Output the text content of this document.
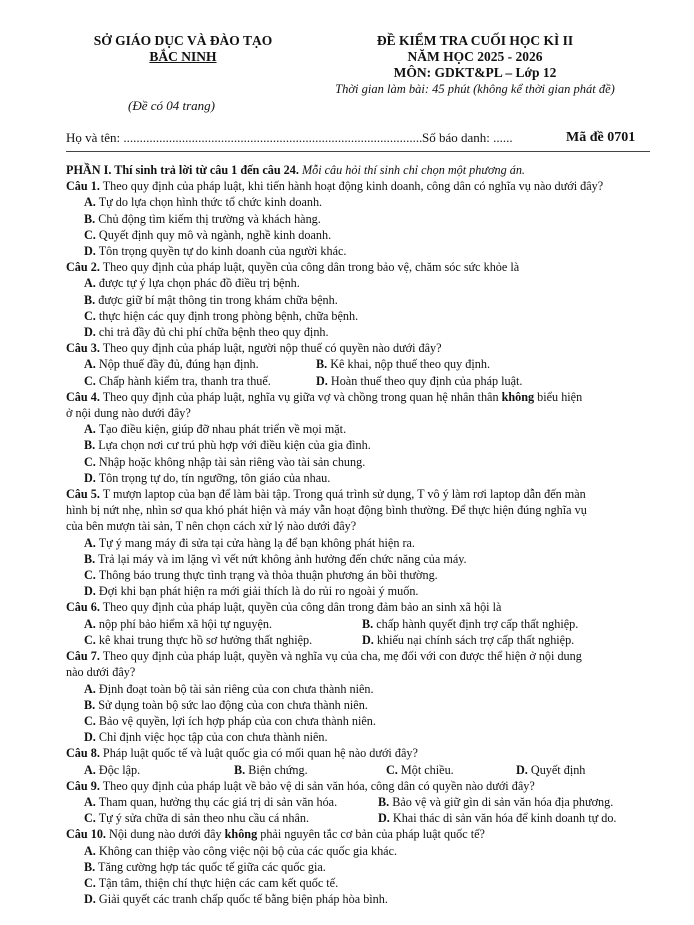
SỞ GIÁO DỤC VÀ ĐÀO TẠO
BẮC NINH
ĐỀ KIỂM TRA CUỐI HỌC KÌ II
NĂM HỌC 2025 - 2026
MÔN: GDKT&PL – Lớp 12
Thời gian làm bài: 45 phút (không kể thời gian phát đề)
(Đề có 04 trang)
Họ và tên: ............................................................................................ Số báo danh: ......	Mã đề 0701
PHẦN I. Thí sinh trả lời từ câu 1 đến câu 24. Mỗi câu hỏi thí sinh chỉ chọn một phương án.
Câu 1. Theo quy định của pháp luật, khi tiến hành hoạt động kinh doanh, công dân có nghĩa vụ nào dưới đây?
A. Tự do lựa chọn hình thức tổ chức kinh doanh.
B. Chủ động tìm kiếm thị trường và khách hàng.
C. Quyết định quy mô và ngành, nghề kinh doanh.
D. Tôn trọng quyền tự do kinh doanh của người khác.
Câu 2. Theo quy định của pháp luật, quyền của công dân trong bảo vệ, chăm sóc sức khỏe là
A. được tự ý lựa chọn phác đồ điều trị bệnh.
B. được giữ bí mật thông tin trong khám chữa bệnh.
C. thực hiện các quy định trong phòng bệnh, chữa bệnh.
D. chi trả đầy đủ chi phí chữa bệnh theo quy định.
Câu 3. Theo quy định của pháp luật, người nộp thuế có quyền nào dưới đây?
A. Nộp thuế đầy đủ, đúng hạn định.	B. Kê khai, nộp thuế theo quy định.
C. Chấp hành kiểm tra, thanh tra thuế.	D. Hoàn thuế theo quy định của pháp luật.
Câu 4. Theo quy định của pháp luật, nghĩa vụ giữa vợ và chồng trong quan hệ nhân thân không biểu hiện
ở nội dung nào dưới đây?
A. Tạo điều kiện, giúp đỡ nhau phát triển về mọi mặt.
B. Lựa chọn nơi cư trú phù hợp với điều kiện của gia đình.
C. Nhập hoặc không nhập tài sản riêng vào tài sản chung.
D. Tôn trọng tự do, tín ngưỡng, tôn giáo của nhau.
Câu 5. T mượn laptop của bạn để làm bài tập. Trong quá trình sử dụng, T vô ý làm rơi laptop dẫn đến màn
hình bị nứt nhẹ, nhìn sơ qua khó phát hiện và máy vẫn hoạt động bình thường. Để thực hiện đúng nghĩa vụ
của bên mượn tài sản, T nên chọn cách xử lý nào dưới đây?
A. Tự ý mang máy đi sửa tại cửa hàng lạ để bạn không phát hiện ra.
B. Trả lại máy và im lặng vì vết nứt không ảnh hưởng đến chức năng của máy.
C. Thông báo trung thực tình trạng và thỏa thuận phương án bồi thường.
D. Đợi khi bạn phát hiện ra mới giải thích là do rủi ro ngoài ý muốn.
Câu 6. Theo quy định của pháp luật, quyền của công dân trong đảm bảo an sinh xã hội là
A. nộp phí bảo hiểm xã hội tự nguyện.	B. chấp hành quyết định trợ cấp thất nghiệp.
C. kê khai trung thực hồ sơ hưởng thất nghiệp.	D. khiếu nại chính sách trợ cấp thất nghiệp.
Câu 7. Theo quy định của pháp luật, quyền và nghĩa vụ của cha, mẹ đối với con được thể hiện ở nội dung
nào dưới đây?
A. Định đoạt toàn bộ tài sản riêng của con chưa thành niên.
B. Sử dụng toàn bộ sức lao động của con chưa thành niên.
C. Bảo vệ quyền, lợi ích hợp pháp của con chưa thành niên.
D. Chỉ định việc học tập của con chưa thành niên.
Câu 8. Pháp luật quốc tế và luật quốc gia có mối quan hệ nào dưới đây?
A. Độc lập.	B. Biện chứng.	C. Một chiều.	D. Quyết định
Câu 9. Theo quy định của pháp luật về bảo vệ di sản văn hóa, công dân có quyền nào dưới đây?
A. Tham quan, hưởng thụ các giá trị di sản văn hóa.	B. Bảo vệ và giữ gìn di sản văn hóa địa phương.
C. Tự ý sửa chữa di sản theo nhu cầu cá nhân.	D. Khai thác di sản văn hóa để kinh doanh tự do.
Câu 10. Nội dung nào dưới đây không phải nguyên tắc cơ bản của pháp luật quốc tế?
A. Không can thiệp vào công việc nội bộ của các quốc gia khác.
B. Tăng cường hợp tác quốc tế giữa các quốc gia.
C. Tận tâm, thiện chí thực hiện các cam kết quốc tế.
D. Giải quyết các tranh chấp quốc tế bằng biện pháp hòa bình.
